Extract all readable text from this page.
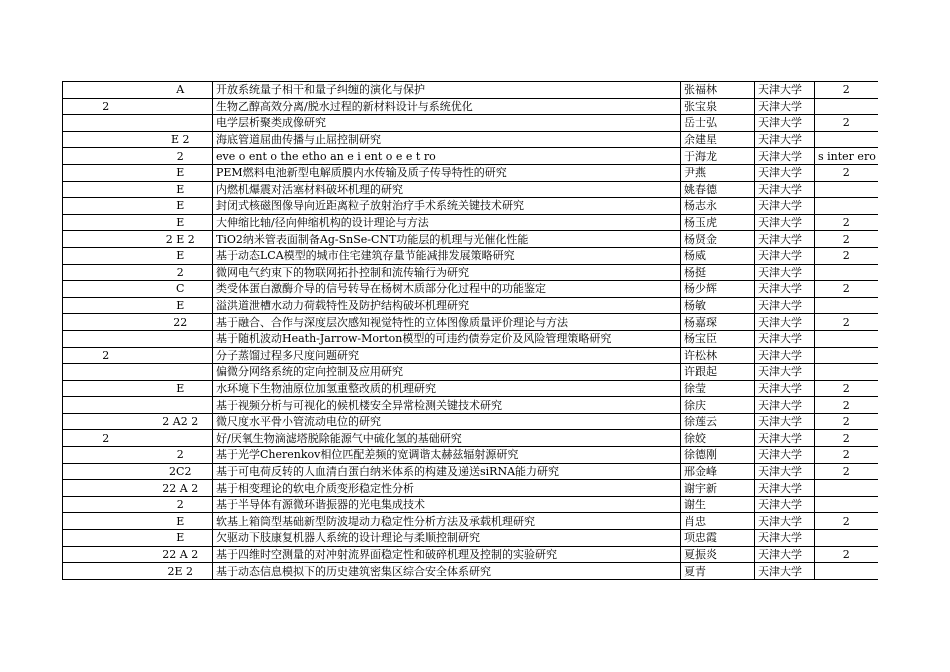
	A	开放系统量子相干和量子纠缠的演化与保护	张福林	天津大学	2
2		生物乙醇高效分离/脱水过程的新材料设计与系统优化	张宝泉	天津大学	
		电学层析聚类成像研究	岳士弘	天津大学	2
	E 2	海底管道屈曲传播与止屈控制研究	余建星	天津大学	
	2	eve o ent o the etho an e i ent o e e t ro	于海龙	天津大学	s inter ero
	E	PEM燃料电池新型电解质膜内水传输及质子传导特性的研究	尹燕	天津大学	2
	E	内燃机爆震对活塞材料破坏机理的研究	姚春德	天津大学	
	E	封闭式核磁图像导向近距离粒子放射治疗手术系统关键技术研究	杨志永	天津大学	
	E	大伸缩比轴/径向伸缩机构的设计理论与方法	杨玉虎	天津大学	2
	2 E 2	TiO2纳米管表面制备Ag-SnSe-CNT功能层的机理与光催化性能	杨贤金	天津大学	2
	E	基于动态LCA模型的城市住宅建筑存量节能减排发展策略研究	杨威	天津大学	2
	2	微网电气约束下的物联网拓扑控制和流传输行为研究	杨挺	天津大学	
	C	类受体蛋白激酶介导的信号转导在杨树木质部分化过程中的功能鉴定	杨少辉	天津大学	2
	E	溢洪道泄槽水动力荷载特性及防护结构破坏机理研究	杨敏	天津大学	
	22	基于融合、合作与深度层次感知视觉特性的立体图像质量评价理论与方法	杨嘉琛	天津大学	2
		基于随机波动Heath-Jarrow-Morton模型的可违约债券定价及风险管理策略研究	杨宝臣	天津大学	
2		分子蒸馏过程多尺度问题研究	许松林	天津大学	
		偏微分网络系统的定向控制及应用研究	许跟起	天津大学	
	E	水环境下生物油原位加氢重整改质的机理研究	徐莹	天津大学	2
		基于视频分析与可视化的候机楼安全异常检测关键技术研究	徐庆	天津大学	2
	2 A2 2	微尺度水平骨小管流动电位的研究	徐莲云	天津大学	2
2		好/厌氧生物滴滤塔脱除能源气中硫化氢的基础研究	徐姣	天津大学	2
	2	基于光学Cherenkov相位匹配差频的宽调谐太赫兹辐射源研究	徐德刚	天津大学	2
	2C2	基于可电荷反转的人血清白蛋白纳米体系的构建及递送siRNA能力研究	邢金峰	天津大学	2
	22 A 2	基于相变理论的软电介质变形稳定性分析	谢宇新	天津大学	
	2	基于半导体有源微环谐振器的光电集成技术	谢生	天津大学	
	E	软基上箱筒型基础新型防波堤动力稳定性分析方法及承载机理研究	肖忠	天津大学	2
	E	欠驱动下肢康复机器人系统的设计理论与柔顺控制研究	项忠霞	天津大学	
	22 A 2	基于四维时空测量的对冲射流界面稳定性和破碎机理及控制的实验研究	夏振炎	天津大学	2
	2E 2	基于动态信息模拟下的历史建筑密集区综合安全体系研究	夏青	天津大学	
